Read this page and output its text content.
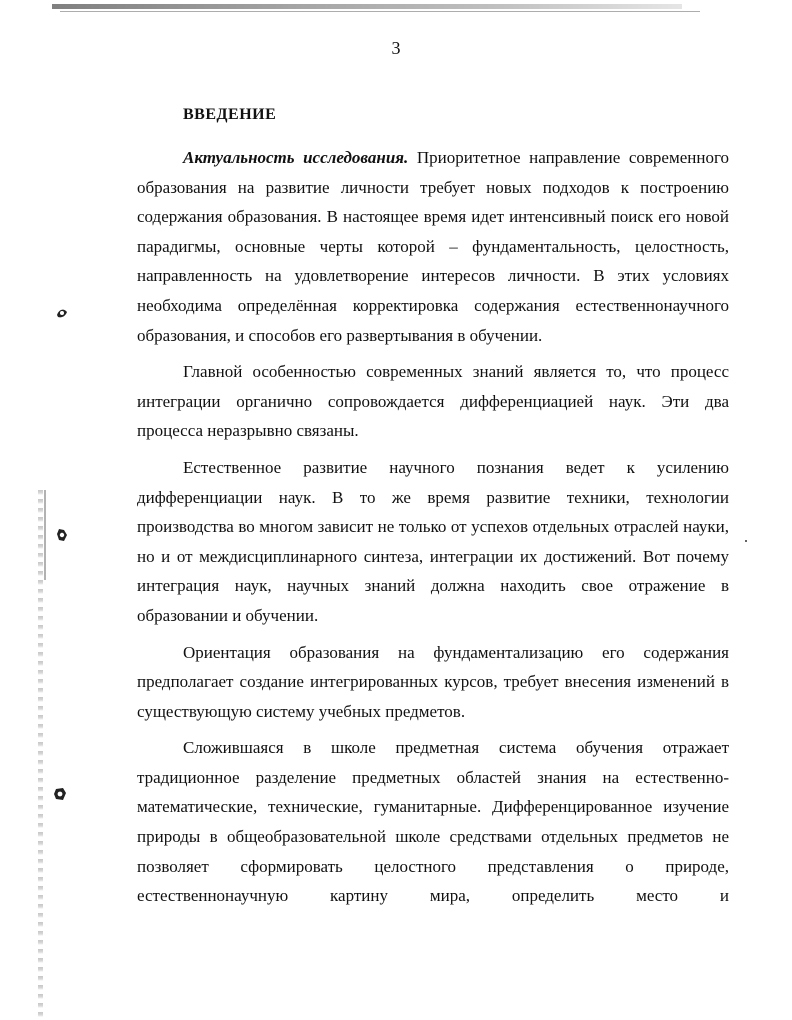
3
ВВЕДЕНИЕ

Актуальность исследования. Приоритетное направление современного образования на развитие личности требует новых подходов к построению содержания образования. В настоящее время идет интенсивный поиск его новой парадигмы, основные черты которой – фундаментальность, целостность, направленность на удовлетворение интересов личности. В этих условиях необходима определённая корректировка содержания естественнонаучного образования, и способов его развертывания в обучении.

Главной особенностью современных знаний является то, что процесс интеграции органично сопровождается дифференциацией наук. Эти два процесса неразрывно связаны.

Естественное развитие научного познания ведет к усилению дифференциации наук. В то же время развитие техники, технологии производства во многом зависит не только от успехов отдельных отраслей науки, но и от междисциплинарного синтеза, интеграции их достижений. Вот почему интеграция наук, научных знаний должна находить свое отражение в образовании и обучении.

Ориентация образования на фундаментализацию его содержания предполагает создание интегрированных курсов, требует внесения изменений в существующую систему учебных предметов.

Сложившаяся в школе предметная система обучения отражает традиционное разделение предметных областей знания на естественно-математические, технические, гуманитарные. Дифференцированное изучение природы в общеобразовательной школе средствами отдельных предметов не позволяет сформировать целостного представления о природе, естественнонаучную картину мира, определить место и
